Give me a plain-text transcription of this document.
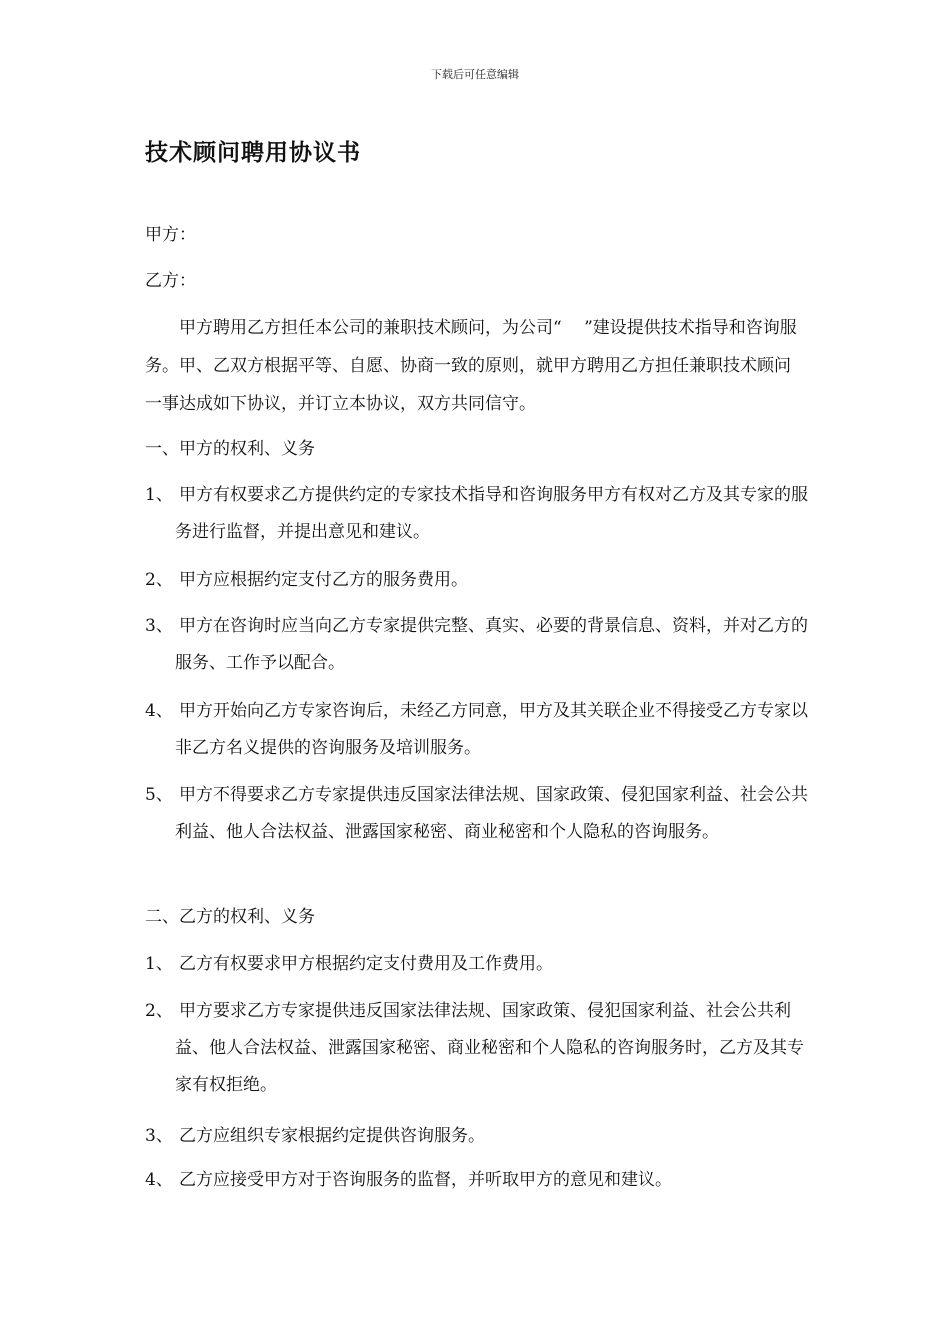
下载后可任意编辑
技术顾问聘用协议书
甲方：
乙方：
甲方聘用乙方担任本公司的兼职技术顾问，为公司“　 ”建设提供技术指导和咨询服务。甲、乙双方根据平等、自愿、协商一致的原则，就甲方聘用乙方担任兼职技术顾问一事达成如下协议，并订立本协议，双方共同信守。
一、甲方的权利、义务
1、 甲方有权要求乙方提供约定的专家技术指导和咨询服务甲方有权对乙方及其专家的服务进行监督，并提出意见和建议。
2、 甲方应根据约定支付乙方的服务费用。
3、 甲方在咨询时应当向乙方专家提供完整、真实、必要的背景信息、资料，并对乙方的服务、工作予以配合。
4、 甲方开始向乙方专家咨询后，未经乙方同意，甲方及其关联企业不得接受乙方专家以非乙方名义提供的咨询服务及培训服务。
5、 甲方不得要求乙方专家提供违反国家法律法规、国家政策、侵犯国家利益、社会公共利益、他人合法权益、泄露国家秘密、商业秘密和个人隐私的咨询服务。
二、乙方的权利、义务
1、 乙方有权要求甲方根据约定支付费用及工作费用。
2、 甲方要求乙方专家提供违反国家法律法规、国家政策、侵犯国家利益、社会公共利益、他人合法权益、泄露国家秘密、商业秘密和个人隐私的咨询服务时，乙方及其专家有权拒绝。
3、 乙方应组织专家根据约定提供咨询服务。
4、 乙方应接受甲方对于咨询服务的监督，并听取甲方的意见和建议。
